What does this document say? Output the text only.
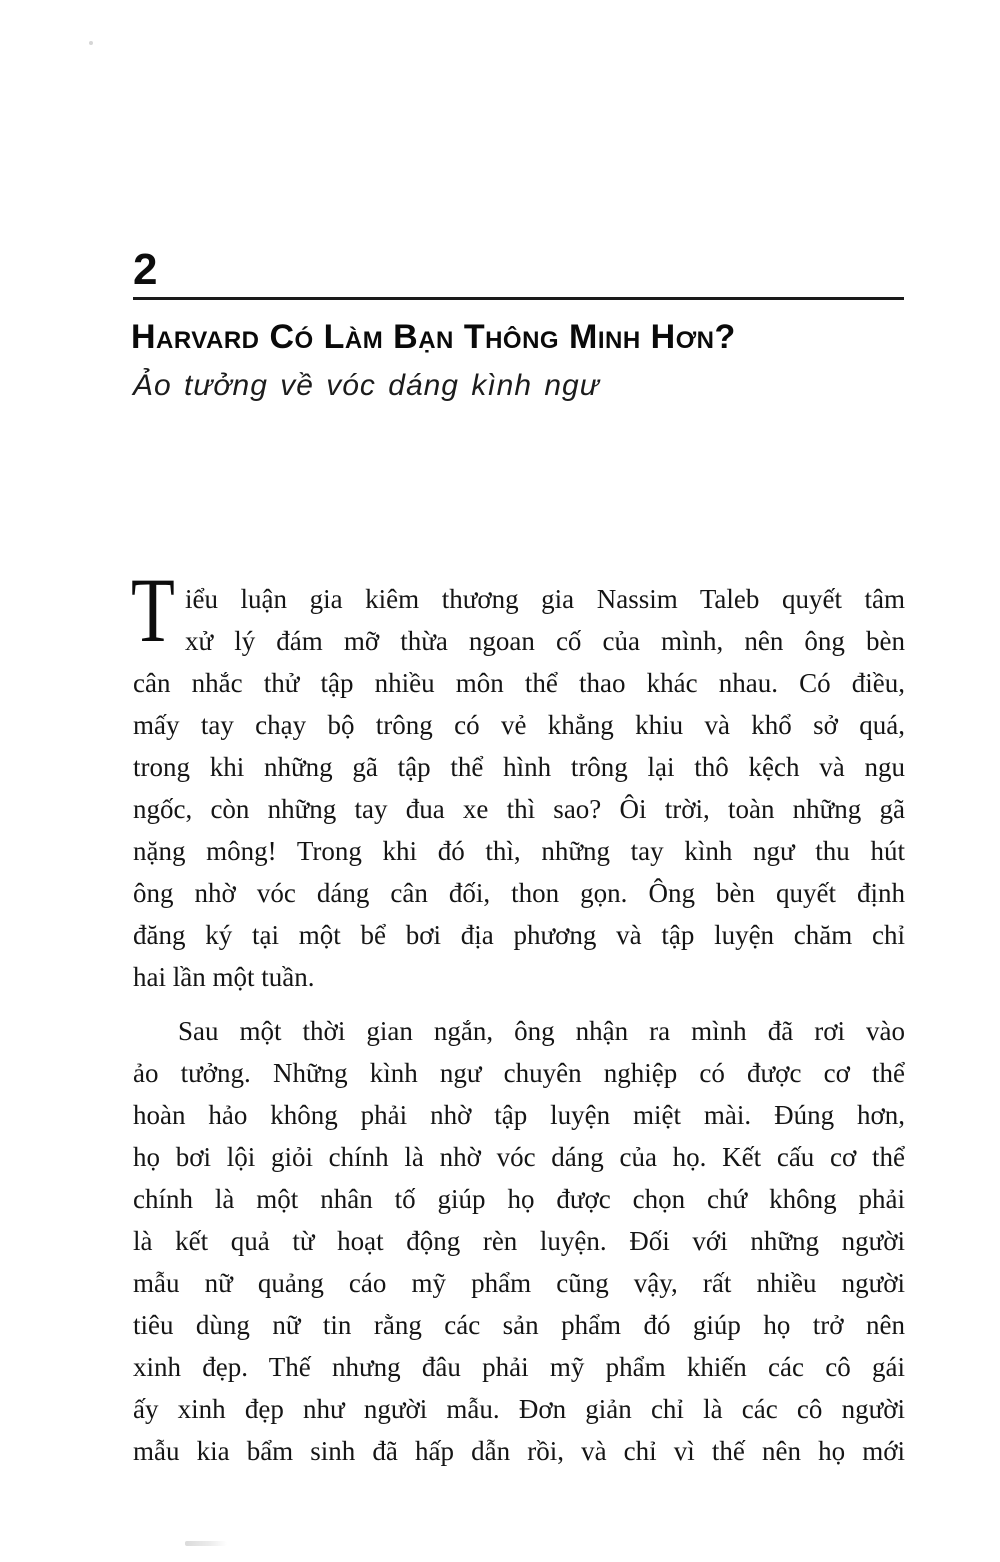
2
Harvard Có Làm Bạn Thông Minh Hơn?
Ảo tưởng về vóc dáng kình ngư
T iểu luận gia kiêm thương gia Nassim Taleb quyết tâm
xử lý đám mỡ thừa ngoan cố của mình, nên ông bèn
cân nhắc thử tập nhiều môn thể thao khác nhau. Có điều,
mấy tay chạy bộ trông có vẻ khẳng khiu và khổ sở quá,
trong khi những gã tập thể hình trông lại thô kệch và ngu
ngốc, còn những tay đua xe thì sao? Ôi trời, toàn những gã
nặng mông! Trong khi đó thì, những tay kình ngư thu hút
ông nhờ vóc dáng cân đối, thon gọn. Ông bèn quyết định
đăng ký tại một bể bơi địa phương và tập luyện chăm chỉ
hai lần một tuần.
Sau một thời gian ngắn, ông nhận ra mình đã rơi vào
ảo tưởng. Những kình ngư chuyên nghiệp có được cơ thể
hoàn hảo không phải nhờ tập luyện miệt mài. Đúng hơn,
họ bơi lội giỏi chính là nhờ vóc dáng của họ. Kết cấu cơ thể
chính là một nhân tố giúp họ được chọn chứ không phải
là kết quả từ hoạt động rèn luyện. Đối với những người
mẫu nữ quảng cáo mỹ phẩm cũng vậy, rất nhiều người
tiêu dùng nữ tin rằng các sản phẩm đó giúp họ trở nên
xinh đẹp. Thế nhưng đâu phải mỹ phẩm khiến các cô gái
ấy xinh đẹp như người mẫu. Đơn giản chỉ là các cô người
mẫu kia bẩm sinh đã hấp dẫn rồi, và chỉ vì thế nên họ mới
